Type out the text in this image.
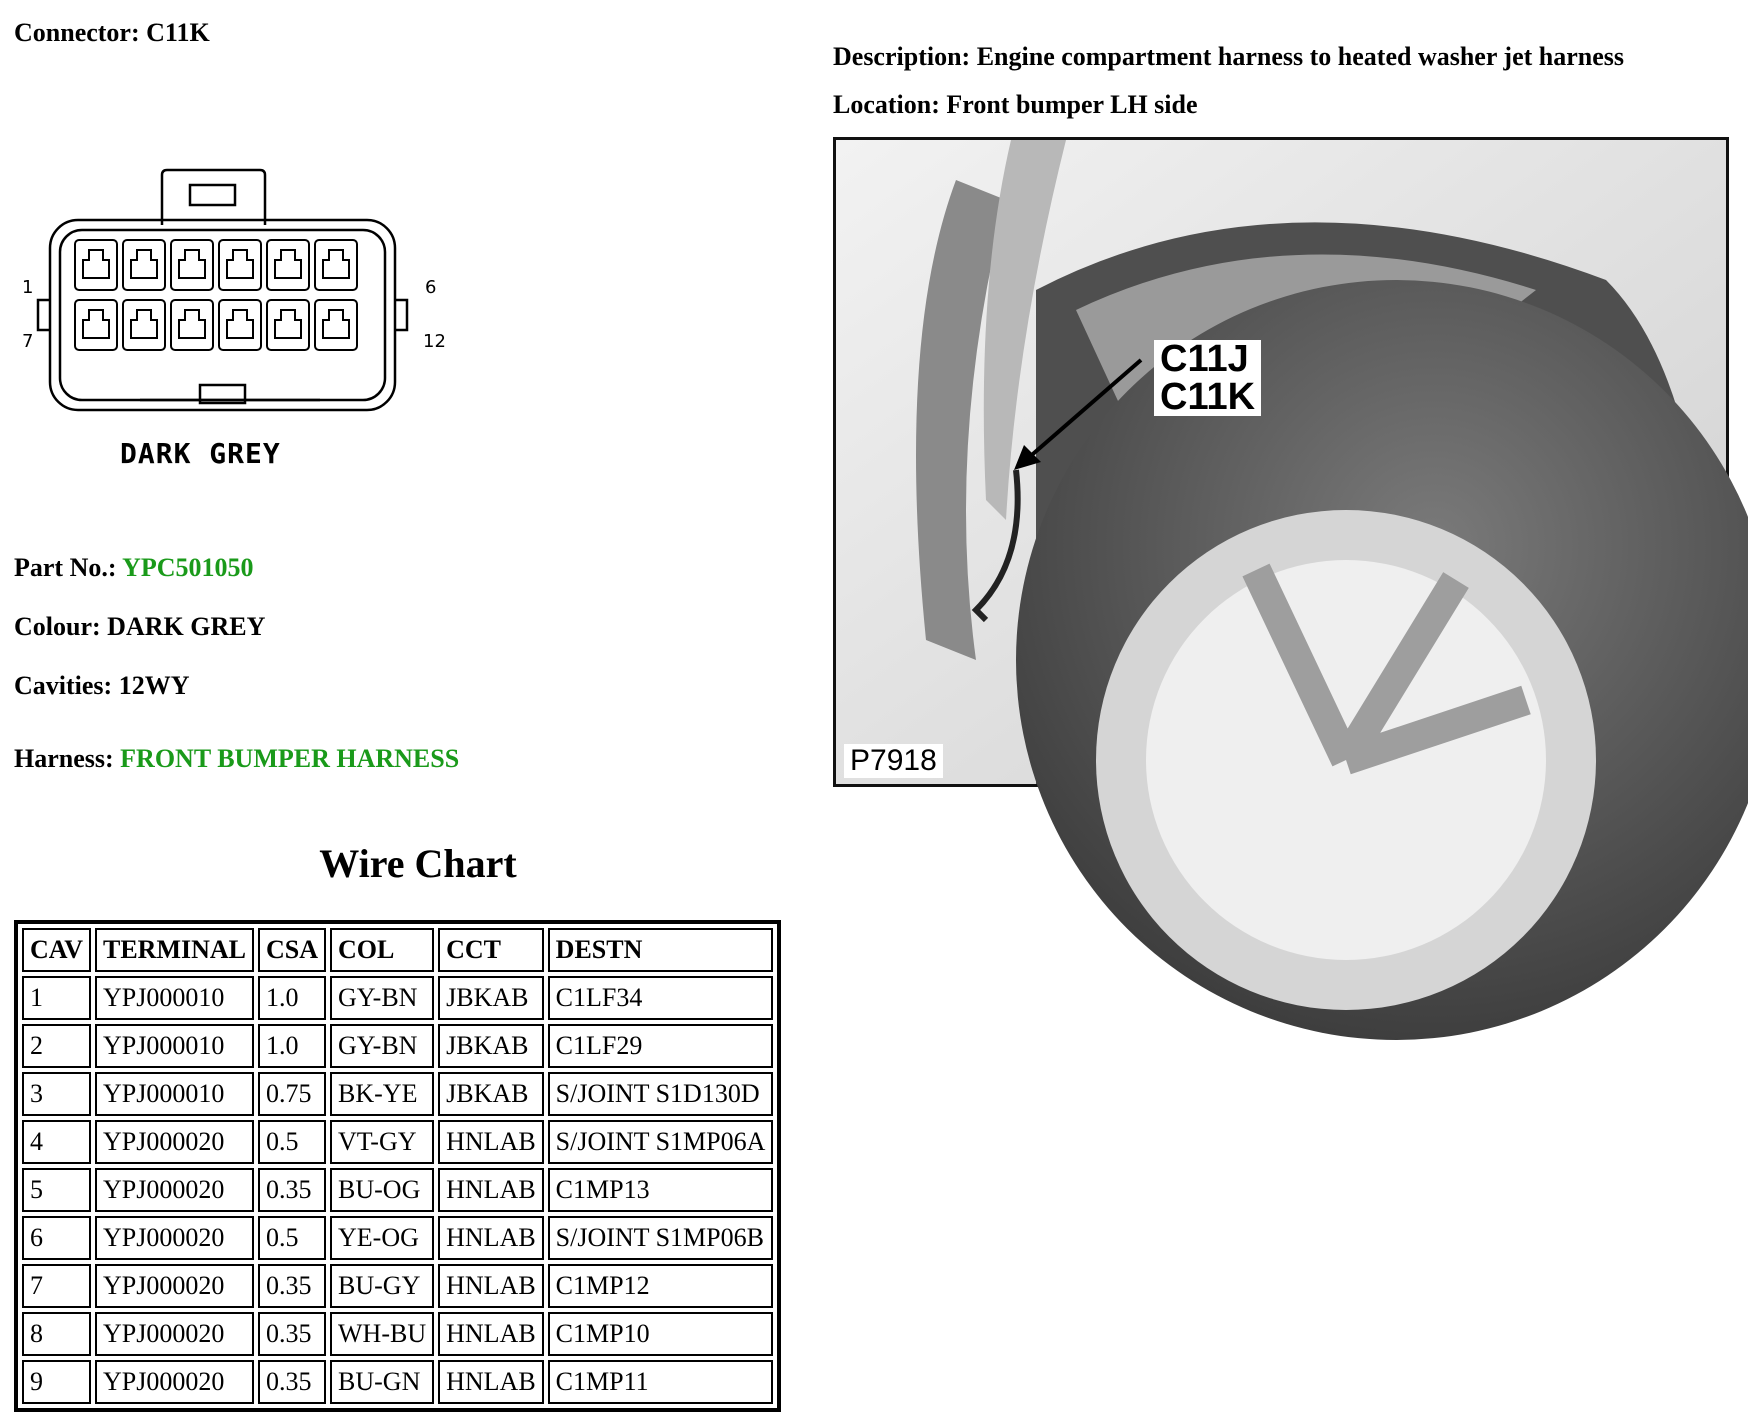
Connector: C11K
Description: Engine compartment harness to heated washer jet harness
Location: Front bumper LH side
1	6
7	12
DARK GREY
Part No.: YPC501050
Colour: DARK GREY
Cavities: 12WY
Harness: FRONT BUMPER HARNESS
C11J
C11K
P7918
Wire Chart
CAV	TERMINAL	CSA	COL	CCT	DESTN
1	YPJ000010	1.0	GY-BN	JBKAB	C1LF34
2	YPJ000010	1.0	GY-BN	JBKAB	C1LF29
3	YPJ000010	0.75	BK-YE	JBKAB	S/JOINT S1D130D
4	YPJ000020	0.5	VT-GY	HNLAB	S/JOINT S1MP06A
5	YPJ000020	0.35	BU-OG	HNLAB	C1MP13
6	YPJ000020	0.5	YE-OG	HNLAB	S/JOINT S1MP06B
7	YPJ000020	0.35	BU-GY	HNLAB	C1MP12
8	YPJ000020	0.35	WH-BU	HNLAB	C1MP10
9	YPJ000020	0.35	BU-GN	HNLAB	C1MP11
